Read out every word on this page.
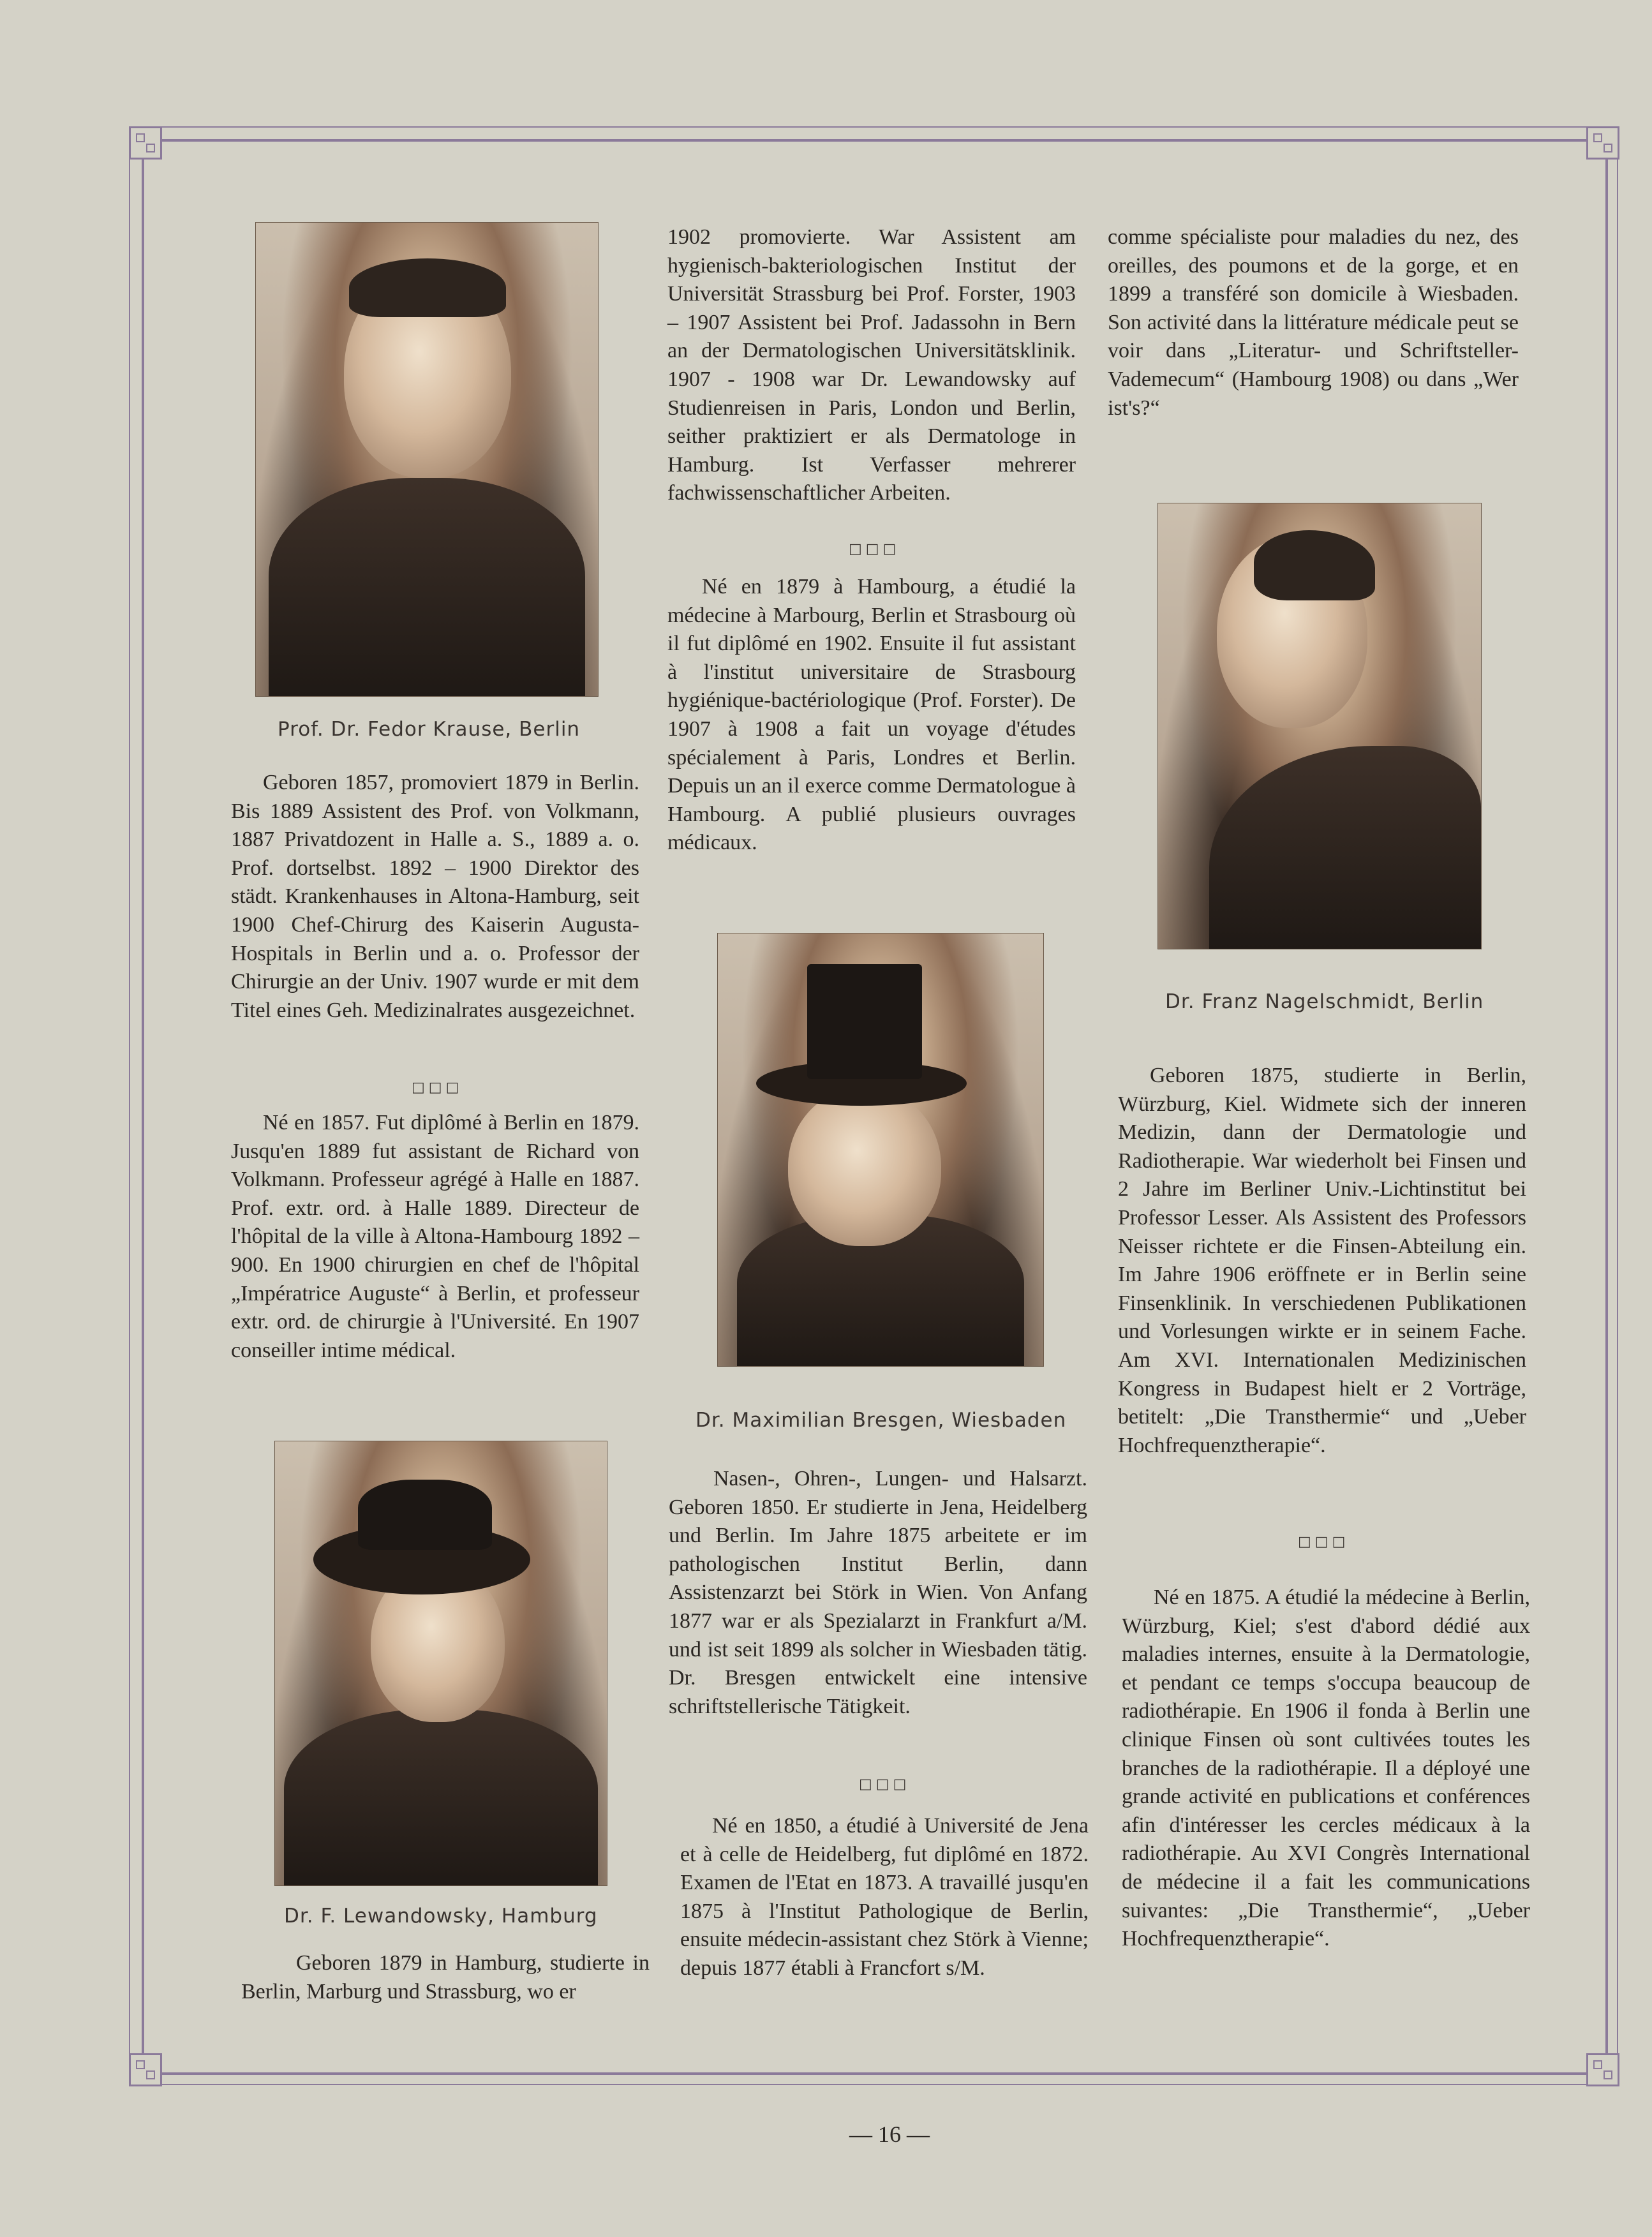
Prof. Dr. Fedor Krause, Berlin

Geboren 1857, promoviert 1879 in Berlin. Bis 1889 Assistent des Prof. von Volkmann, 1887 Privatdozent in Halle a. S., 1889 a. o. Prof. dortselbst. 1892 – 1900 Direktor des städt. Krankenhauses in Altona-Hamburg, seit 1900 Chef-Chirurg des Kaiserin Augusta-Hospitals in Berlin und a. o. Professor der Chirurgie an der Univ. 1907 wurde er mit dem Titel eines Geh. Medizinalrates ausgezeichnet.

□□□

Né en 1857. Fut diplômé à Berlin en 1879. Jusqu'en 1889 fut assistant de Richard von Volkmann. Professeur agrégé à Halle en 1887. Prof. extr. ord. à Halle 1889. Directeur de l'hôpital de la ville à Altona-Hambourg 1892 – 900. En 1900 chirurgien en chef de l'hôpital „Impératrice Auguste“ à Berlin, et professeur extr. ord. de chirurgie à l'Université. En 1907 conseiller intime médical.

Dr. F. Lewandowsky, Hamburg

Geboren 1879 in Hamburg, studierte in Berlin, Marburg und Strassburg, wo er

1902 promovierte. War Assistent am hygienisch-bakteriologischen Institut der Universität Strassburg bei Prof. Forster, 1903 – 1907 Assistent bei Prof. Jadassohn in Bern an der Dermatologischen Universitätsklinik. 1907 - 1908 war Dr. Lewandowsky auf Studienreisen in Paris, London und Berlin, seither praktiziert er als Dermatologe in Hamburg. Ist Verfasser mehrerer fachwissenschaftlicher Arbeiten.

□□□

Né en 1879 à Hambourg, a étudié la médecine à Marbourg, Berlin et Strasbourg où il fut diplômé en 1902. Ensuite il fut assistant à l'institut universitaire de Strasbourg hygiénique-bactériologique (Prof. Forster). De 1907 à 1908 a fait un voyage d'études spécialement à Paris, Londres et Berlin. Depuis un an il exerce comme Dermatologue à Hambourg. A publié plusieurs ouvrages médicaux.

Dr. Maximilian Bresgen, Wiesbaden

Nasen-, Ohren-, Lungen- und Halsarzt. Geboren 1850. Er studierte in Jena, Heidelberg und Berlin. Im Jahre 1875 arbeitete er im pathologischen Institut Berlin, dann Assistenzarzt bei Störk in Wien. Von Anfang 1877 war er als Spezialarzt in Frankfurt a/M. und ist seit 1899 als solcher in Wiesbaden tätig. Dr. Bresgen entwickelt eine intensive schriftstellerische Tätigkeit.

□□□

Né en 1850, a étudié à Université de Jena et à celle de Heidelberg, fut diplômé en 1872. Examen de l'Etat en 1873. A travaillé jusqu'en 1875 à l'Institut Pathologique de Berlin, ensuite médecin-assistant chez Störk à Vienne; depuis 1877 établi à Francfort s/M.

comme spécialiste pour maladies du nez, des oreilles, des poumons et de la gorge, et en 1899 a transféré son domicile à Wiesbaden. Son activité dans la littérature médicale peut se voir dans „Literatur- und Schriftsteller-Vademecum“ (Hambourg 1908) ou dans „Wer ist's?“

Dr. Franz Nagelschmidt, Berlin

Geboren 1875, studierte in Berlin, Würzburg, Kiel. Widmete sich der inneren Medizin, dann der Dermatologie und Radiotherapie. War wiederholt bei Finsen und 2 Jahre im Berliner Univ.-Lichtinstitut bei Professor Lesser. Als Assistent des Professors Neisser richtete er die Finsen-Abteilung ein. Im Jahre 1906 eröffnete er in Berlin seine Finsenklinik. In verschiedenen Publikationen und Vorlesungen wirkte er in seinem Fache. Am XVI. Internationalen Medizinischen Kongress in Budapest hielt er 2 Vorträge, betitelt: „Die Transthermie“ und „Ueber Hochfrequenztherapie“.

□□□

Né en 1875. A étudié la médecine à Berlin, Würzburg, Kiel; s'est d'abord dédié aux maladies internes, ensuite à la Dermatologie, et pendant ce temps s'occupa beaucoup de radiothérapie. En 1906 il fonda à Berlin une clinique Finsen où sont cultivées toutes les branches de la radiothérapie. Il a déployé une grande activité en publications et conférences afin d'intéresser les cercles médicaux à la radiothérapie. Au XVI Congrès International de médecine il a fait les communications suivantes: „Die Transthermie“, „Ueber Hochfrequenztherapie“.

— 16 —
